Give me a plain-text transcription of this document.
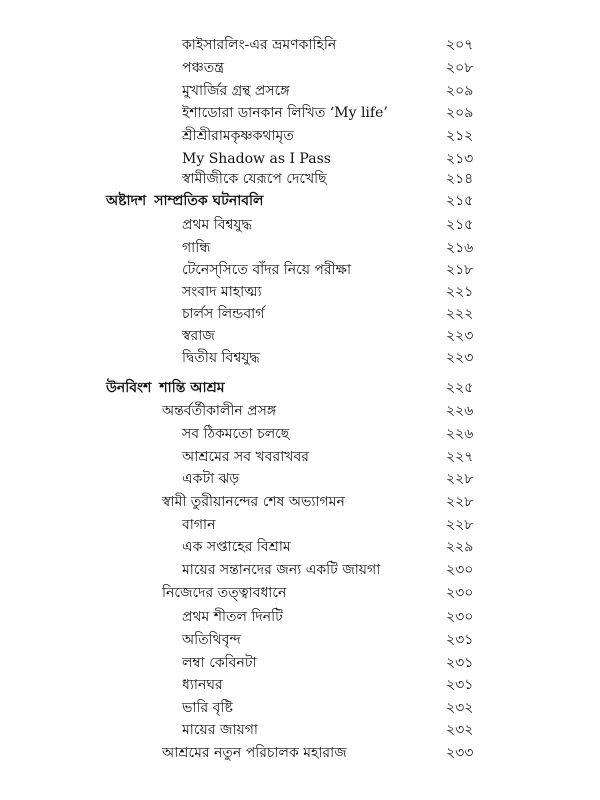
কাইসারলিং-এর ভ্রমণকাহিনি	২০৭
পঞ্চতন্ত্র	২০৮
মুখার্জির গ্রন্থ প্রসঙ্গে	২০৯
ইশাডোরা ডানকান লিখিত ‘My life’	২০৯
শ্রীশ্রীরামকৃষ্ণকথামৃত	২১২
My Shadow as I Pass	২১৩
স্বামীজীকে যেরূপে দেখেছি	২১৪
অষ্টাদশ সাম্প্রতিক ঘটনাবলি	২১৫
প্রথম বিশ্বযুদ্ধ	২১৫
গান্ধি	২১৬
টেনেস্‌সিতে বাঁদর নিয়ে পরীক্ষা	২১৮
সংবাদ মাহাত্ম্য	২২১
চার্লস লিন্ডবার্গ	২২২
স্বরাজ	২২৩
দ্বিতীয় বিশ্বযুদ্ধ	২২৩
উনবিংশ শান্তি আশ্রম	২২৫
অন্তর্বর্তীকালীন প্রসঙ্গ	২২৬
সব ঠিকমতো চলছে	২২৬
আশ্রমের সব খবরাখবর	২২৭
একটা ঝড়	২২৮
স্বামী তুরীয়ানন্দের শেষ অভ্যাগমন	২২৮
বাগান	২২৮
এক সপ্তাহের বিশ্রাম	২২৯
মায়ের সন্তানদের জন্য একটি জায়গা	২৩০
নিজেদের তত্ত্বাবধানে	২৩০
প্রথম শীতল দিনটি	২৩০
অতিথিবৃন্দ	২৩১
লম্বা কেবিনটা	২৩১
ধ্যানঘর	২৩১
ভারি বৃষ্টি	২৩২
মায়ের জায়গা	২৩২
আশ্রমের নতুন পরিচালক মহারাজ	২৩৩
